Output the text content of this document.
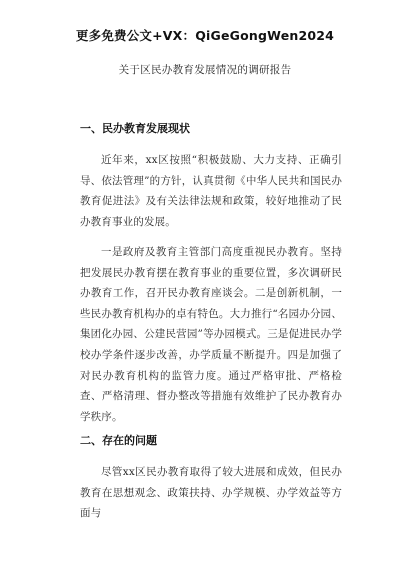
更多免费公文+VX：QiGeGongWen2024
关于区民办教育发展情况的调研报告
一、民办教育发展现状

近年来，xx区按照“积极鼓励、大力支持、正确引导、依法管理”的方针，认真贯彻《中华人民共和国民办教育促进法》及有关法律法规和政策，较好地推动了民办教育事业的发展。

一是政府及教育主管部门高度重视民办教育。坚持把发展民办教育摆在教育事业的重要位置，多次调研民办教育工作，召开民办教育座谈会。二是创新机制，一些民办教育机构办的卓有特色。大力推行“名园办分园、集团化办园、公建民营园”等办园模式。三是促进民办学校办学条件逐步改善，办学质量不断提升。四是加强了对民办教育机构的监管力度。通过严格审批、严格检查、严格清理、督办整改等措施有效维护了民办教育办学秩序。

二、存在的问题

尽管xx区民办教育取得了较大进展和成效，但民办教育在思想观念、政策扶持、办学规模、办学效益等方面与
